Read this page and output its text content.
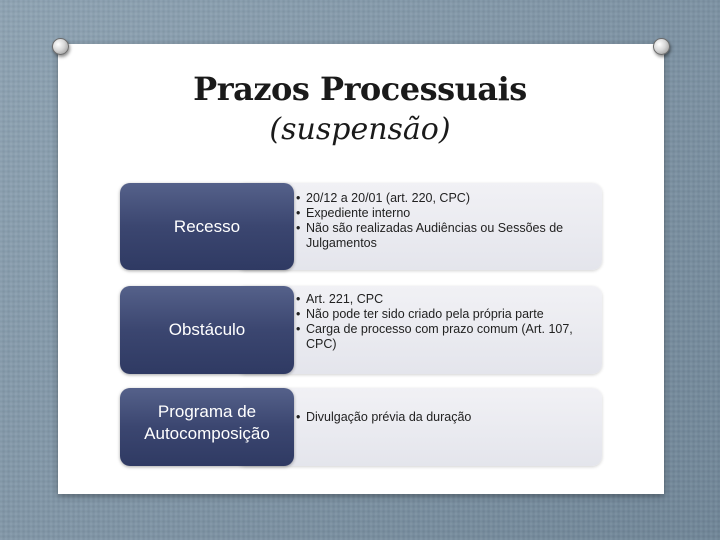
Prazos Processuais
(suspensão)
• 20/12 a 20/01 (art. 220, CPC)
• Expediente interno
• Não são realizadas Audiências ou Sessões de Julgamentos
Recesso
• Art. 221, CPC
• Não pode ter sido criado pela própria parte
• Carga de processo com prazo comum (Art. 107, CPC)
Obstáculo
• Divulgação prévia da duração
Programa de
Autocomposição
